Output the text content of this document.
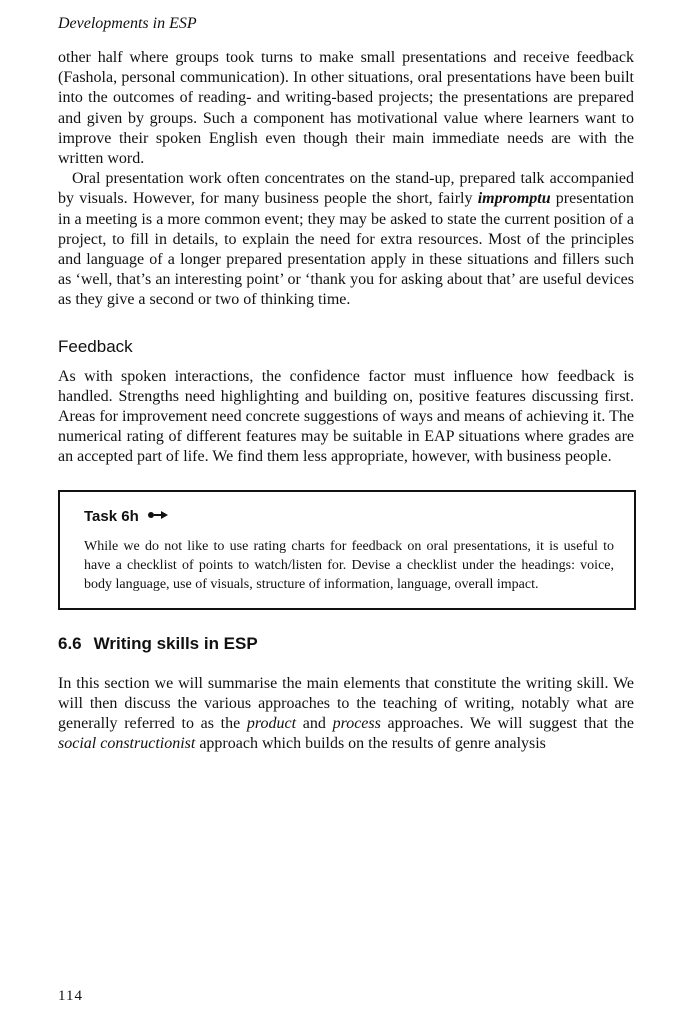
Developments in ESP

other half where groups took turns to make small presentations and receive feedback (Fashola, personal communication). In other situations, oral presentations have been built into the outcomes of reading- and writing-based projects; the presentations are prepared and given by groups. Such a component has motivational value where learners want to improve their spoken English even though their main immediate needs are with the written word.

Oral presentation work often concentrates on the stand-up, prepared talk accompanied by visuals. However, for many business people the short, fairly impromptu presentation in a meeting is a more common event; they may be asked to state the current position of a project, to fill in details, to explain the need for extra resources. Most of the principles and language of a longer prepared presentation apply in these situations and fillers such as ‘well, that’s an interesting point’ or ‘thank you for asking about that’ are useful devices as they give a second or two of thinking time.

Feedback

As with spoken interactions, the confidence factor must influence how feedback is handled. Strengths need highlighting and building on, positive features discussing first. Areas for improvement need concrete suggestions of ways and means of achieving it. The numerical rating of different features may be suitable in EAP situations where grades are an accepted part of life. We find them less appropriate, however, with business people.

Task 6h

While we do not like to use rating charts for feedback on oral presentations, it is useful to have a checklist of points to watch/listen for. Devise a checklist under the headings: voice, body language, use of visuals, structure of information, language, overall impact.

6.6 Writing skills in ESP

In this section we will summarise the main elements that constitute the writing skill. We will then discuss the various approaches to the teaching of writing, notably what are generally referred to as the product and process approaches. We will suggest that the social constructionist approach which builds on the results of genre analysis

114
